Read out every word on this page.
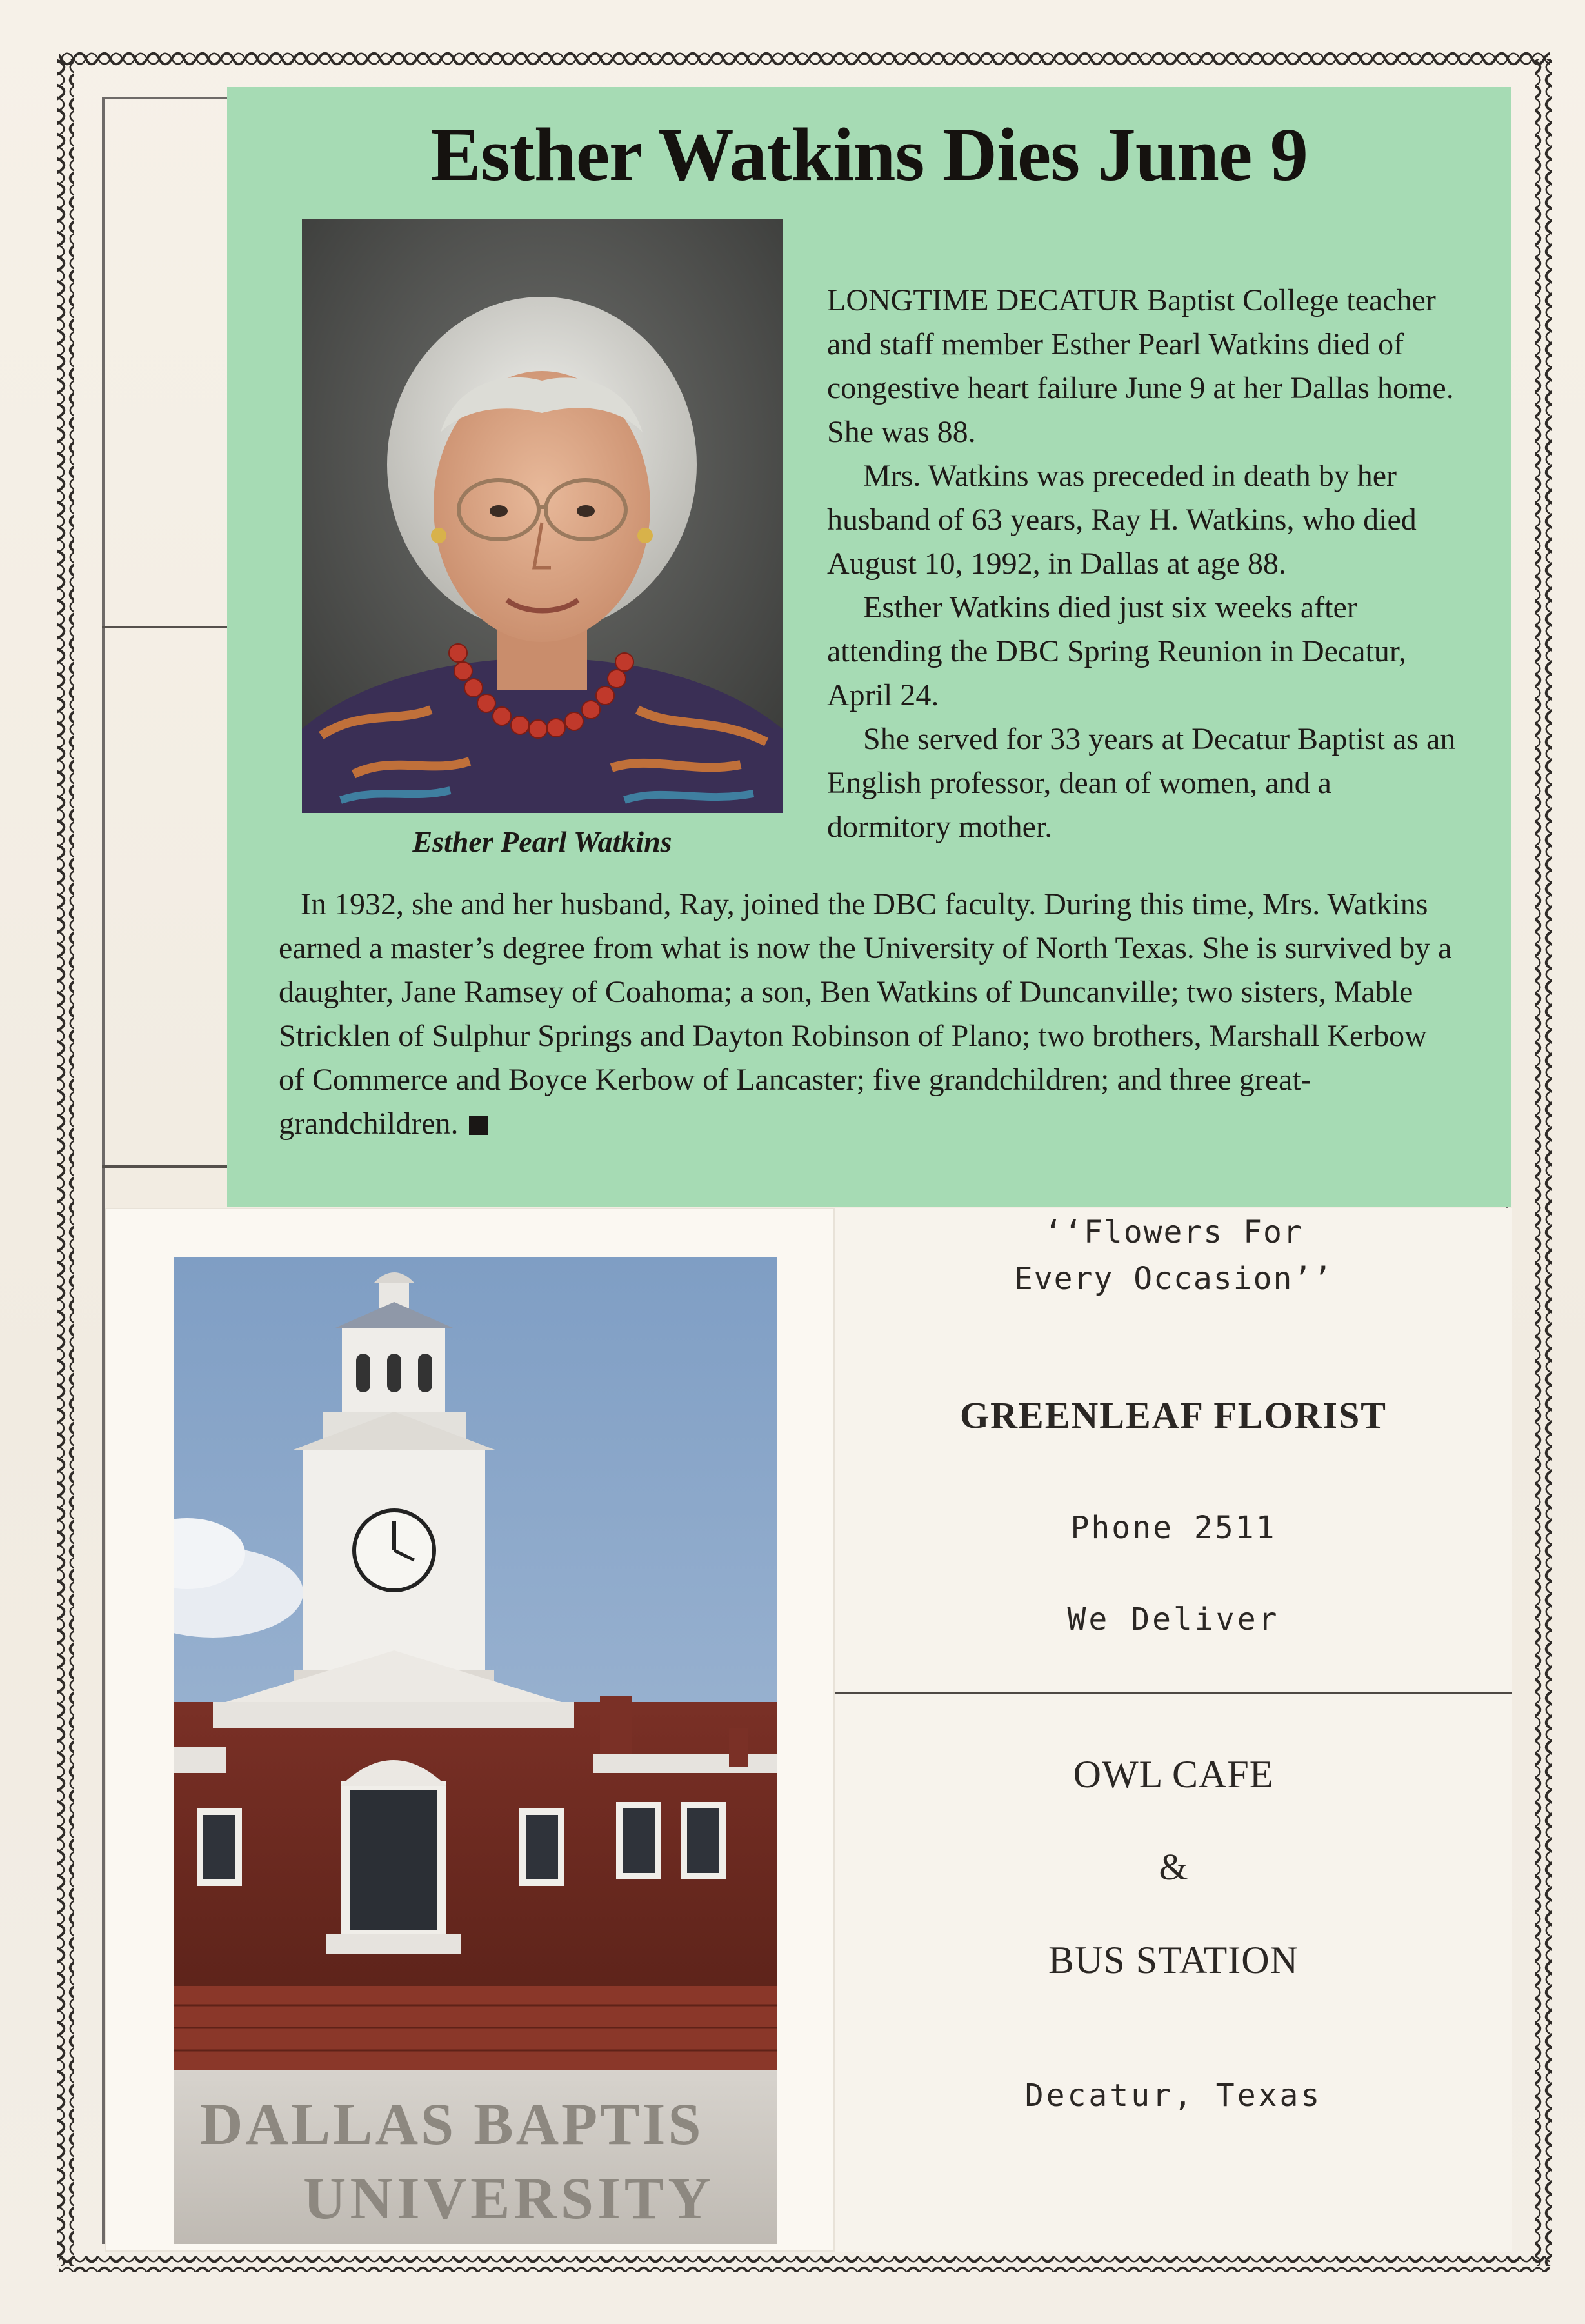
Esther Watkins Dies June 9
Esther Pearl Watkins

LONGTIME DECATUR Baptist College teacher and staff member Esther Pearl Watkins died of congestive heart failure June 9 at her Dallas home. She was 88.

Mrs. Watkins was preceded in death by her husband of 63 years, Ray H. Watkins, who died August 10, 1992, in Dallas at age 88.

Esther Watkins died just six weeks after attending the DBC Spring Reunion in Decatur, April 24.

She served for 33 years at Decatur Baptist as an English professor, dean of women, and a dormitory mother.

In 1932, she and her husband, Ray, joined the DBC faculty. During this time, Mrs. Watkins earned a master’s degree from what is now the University of North Texas. She is survived by a daughter, Jane Ramsey of Coahoma; a son, Ben Watkins of Duncanville; two sisters, Mable Stricklen of Sulphur Springs and Dayton Robinson of Plano; two brothers, Marshall Kerbow of Commerce and Boyce Kerbow of Lancaster; five grandchildren; and three great-grandchildren.

DALLAS BAPTIS
UNIVERSITY
‘‘Flowers For Every Occasion’’
GREENLEAF FLORIST
Phone 2511
We Deliver
OWL CAFE
&
BUS STATION
Decatur, Texas
